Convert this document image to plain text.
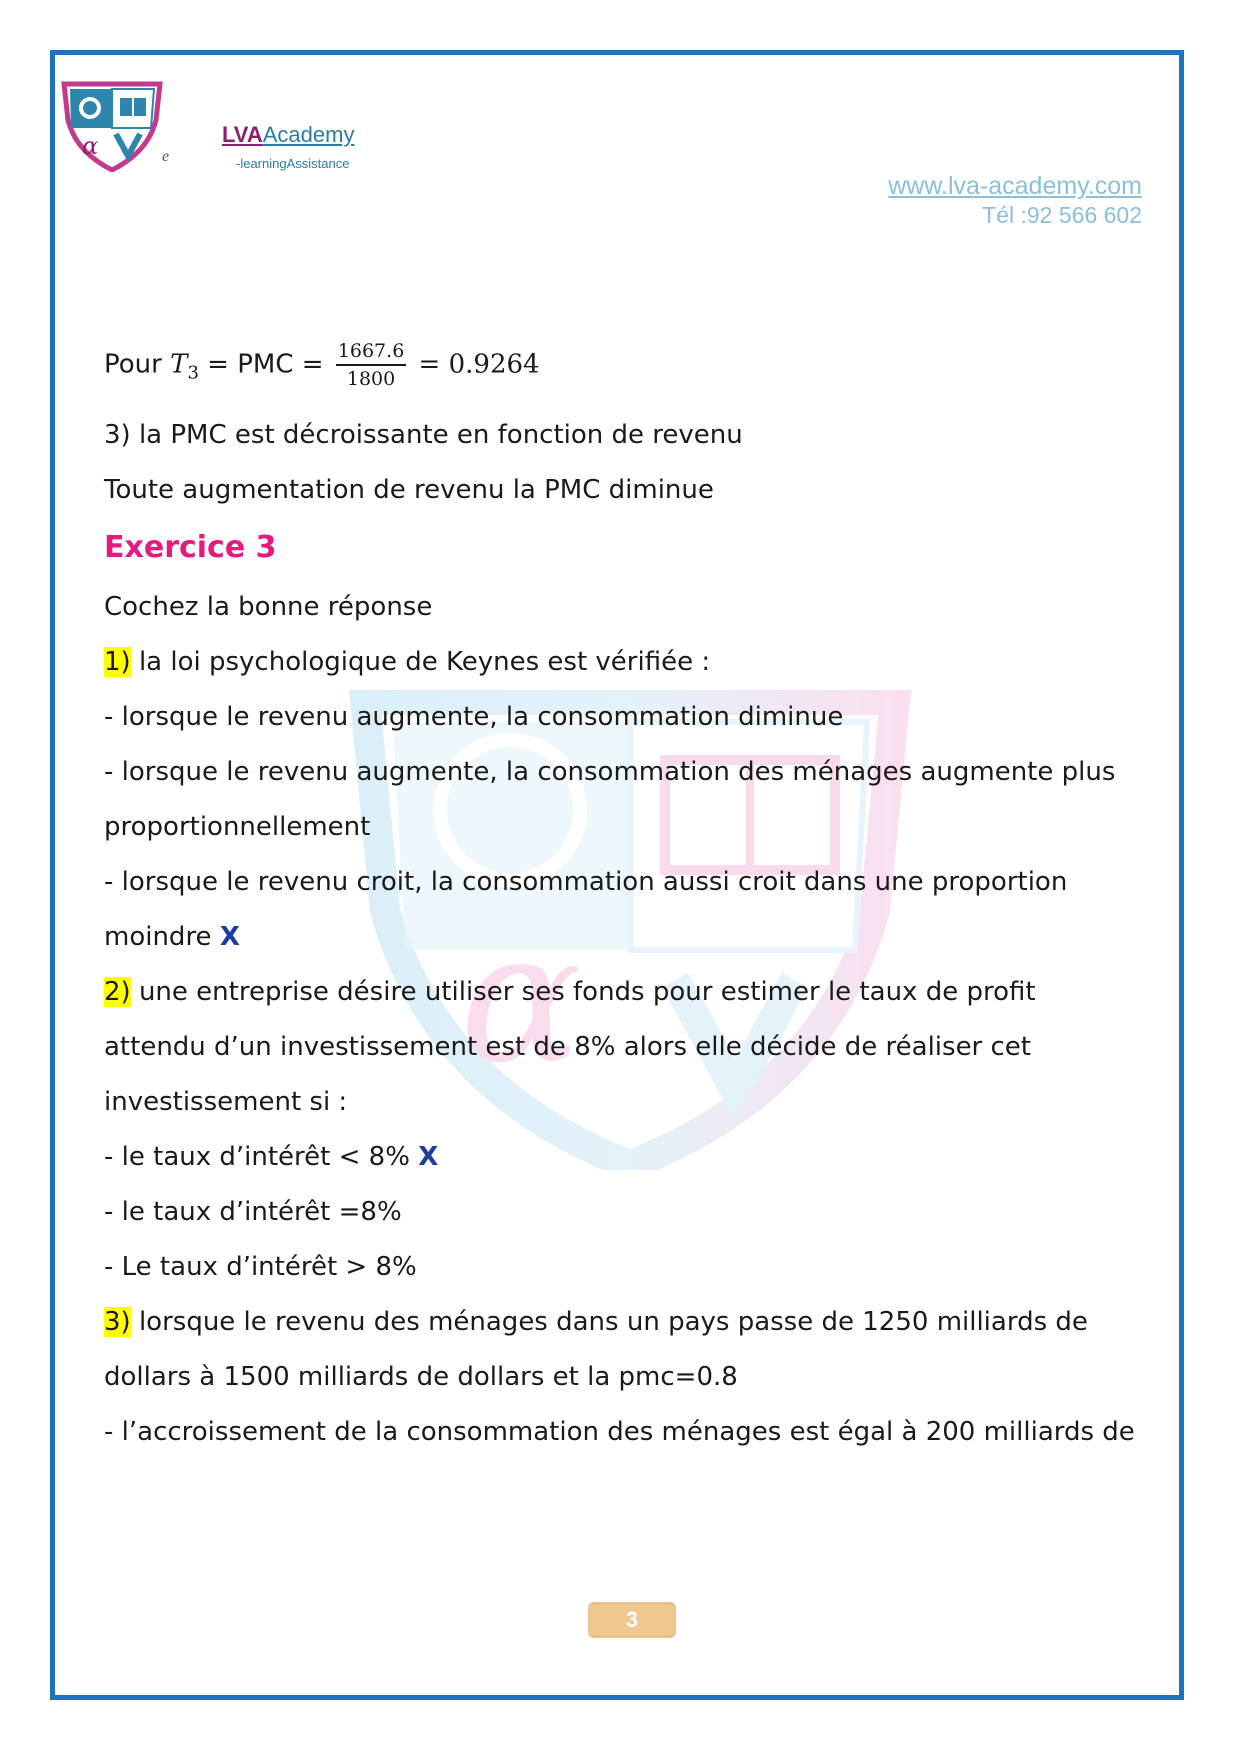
α	LVAAcademy
e	-learningAssistance
www.lva-academy.com
Tél :92 566 602
α
Pour $T_3$ = PMC = $\frac{1667.6}{1800} = 0.9264$
3) la PMC est décroissante en fonction de revenu
Toute augmentation de revenu la PMC diminue
Exercice 3
Cochez la bonne réponse
1) la loi psychologique de Keynes est vérifiée :
- lorsque le revenu augmente, la consommation diminue
- lorsque le revenu augmente, la consommation des ménages augmente plus
proportionnellement
- lorsque le revenu croit, la consommation aussi croit dans une proportion
moindre X
2) une entreprise désire utiliser ses fonds pour estimer le taux de profit
attendu d’un investissement est de 8% alors elle décide de réaliser cet
investissement si :
- le taux d’intérêt < 8% X
- le taux d’intérêt =8%
- Le taux d’intérêt > 8%
3) lorsque le revenu des ménages dans un pays passe de 1250 milliards de
dollars à 1500 milliards de dollars et la pmc=0.8
- l’accroissement de la consommation des ménages est égal à 200 milliards de
3
